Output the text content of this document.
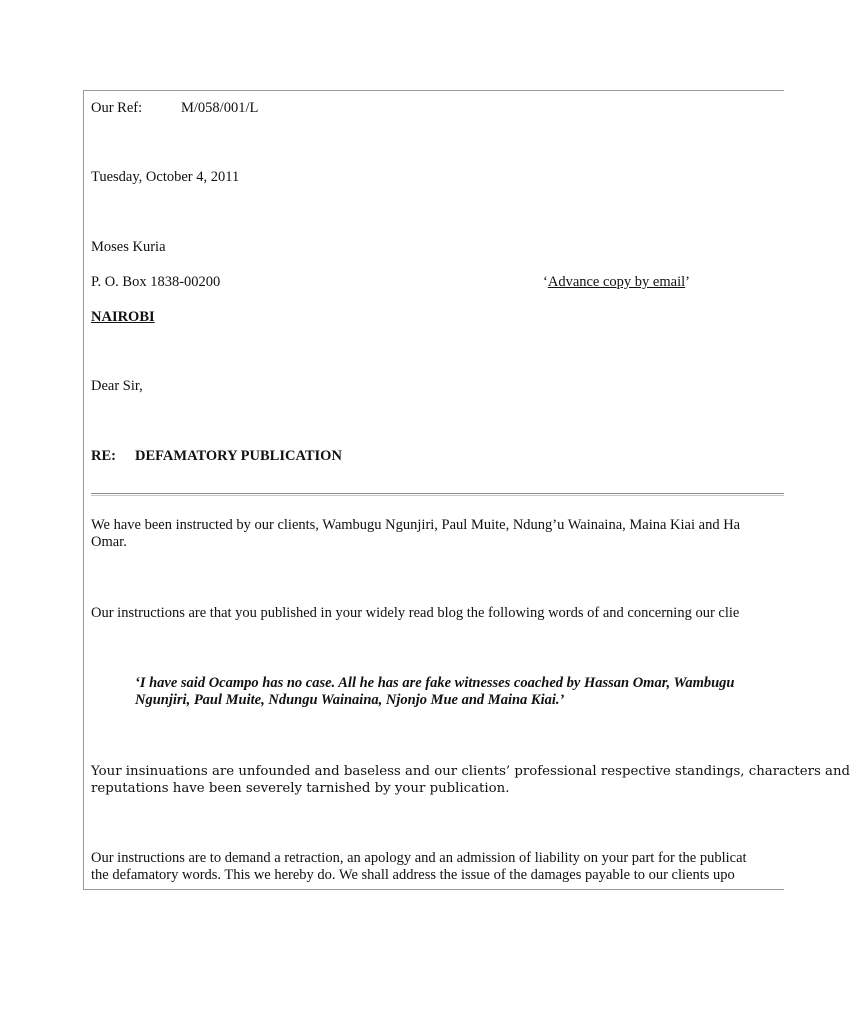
Our Ref:	M/058/001/L
Tuesday, October 4, 2011
Moses Kuria
P. O. Box 1838-00200	‘Advance copy by email’
NAIROBI
Dear Sir,
RE: DEFAMATORY PUBLICATION
We have been instructed by our clients, Wambugu Ngunjiri, Paul Muite, Ndung’u Wainaina, Maina Kiai and Ha
Omar.
Our instructions are that you published in your widely read blog the following words of and concerning our clie
‘I have said Ocampo has no case. All he has are fake witnesses coached by Hassan Omar, Wambugu
Ngunjiri, Paul Muite, Ndungu Wainaina, Njonjo Mue and Maina Kiai.’
Your insinuations are unfounded and baseless and our clients’ professional respective standings, characters and
reputations have been severely tarnished by your publication.
Our instructions are to demand a retraction, an apology and an admission of liability on your part for the publicat
the defamatory words. This we hereby do. We shall address the issue of the damages payable to our clients upo
